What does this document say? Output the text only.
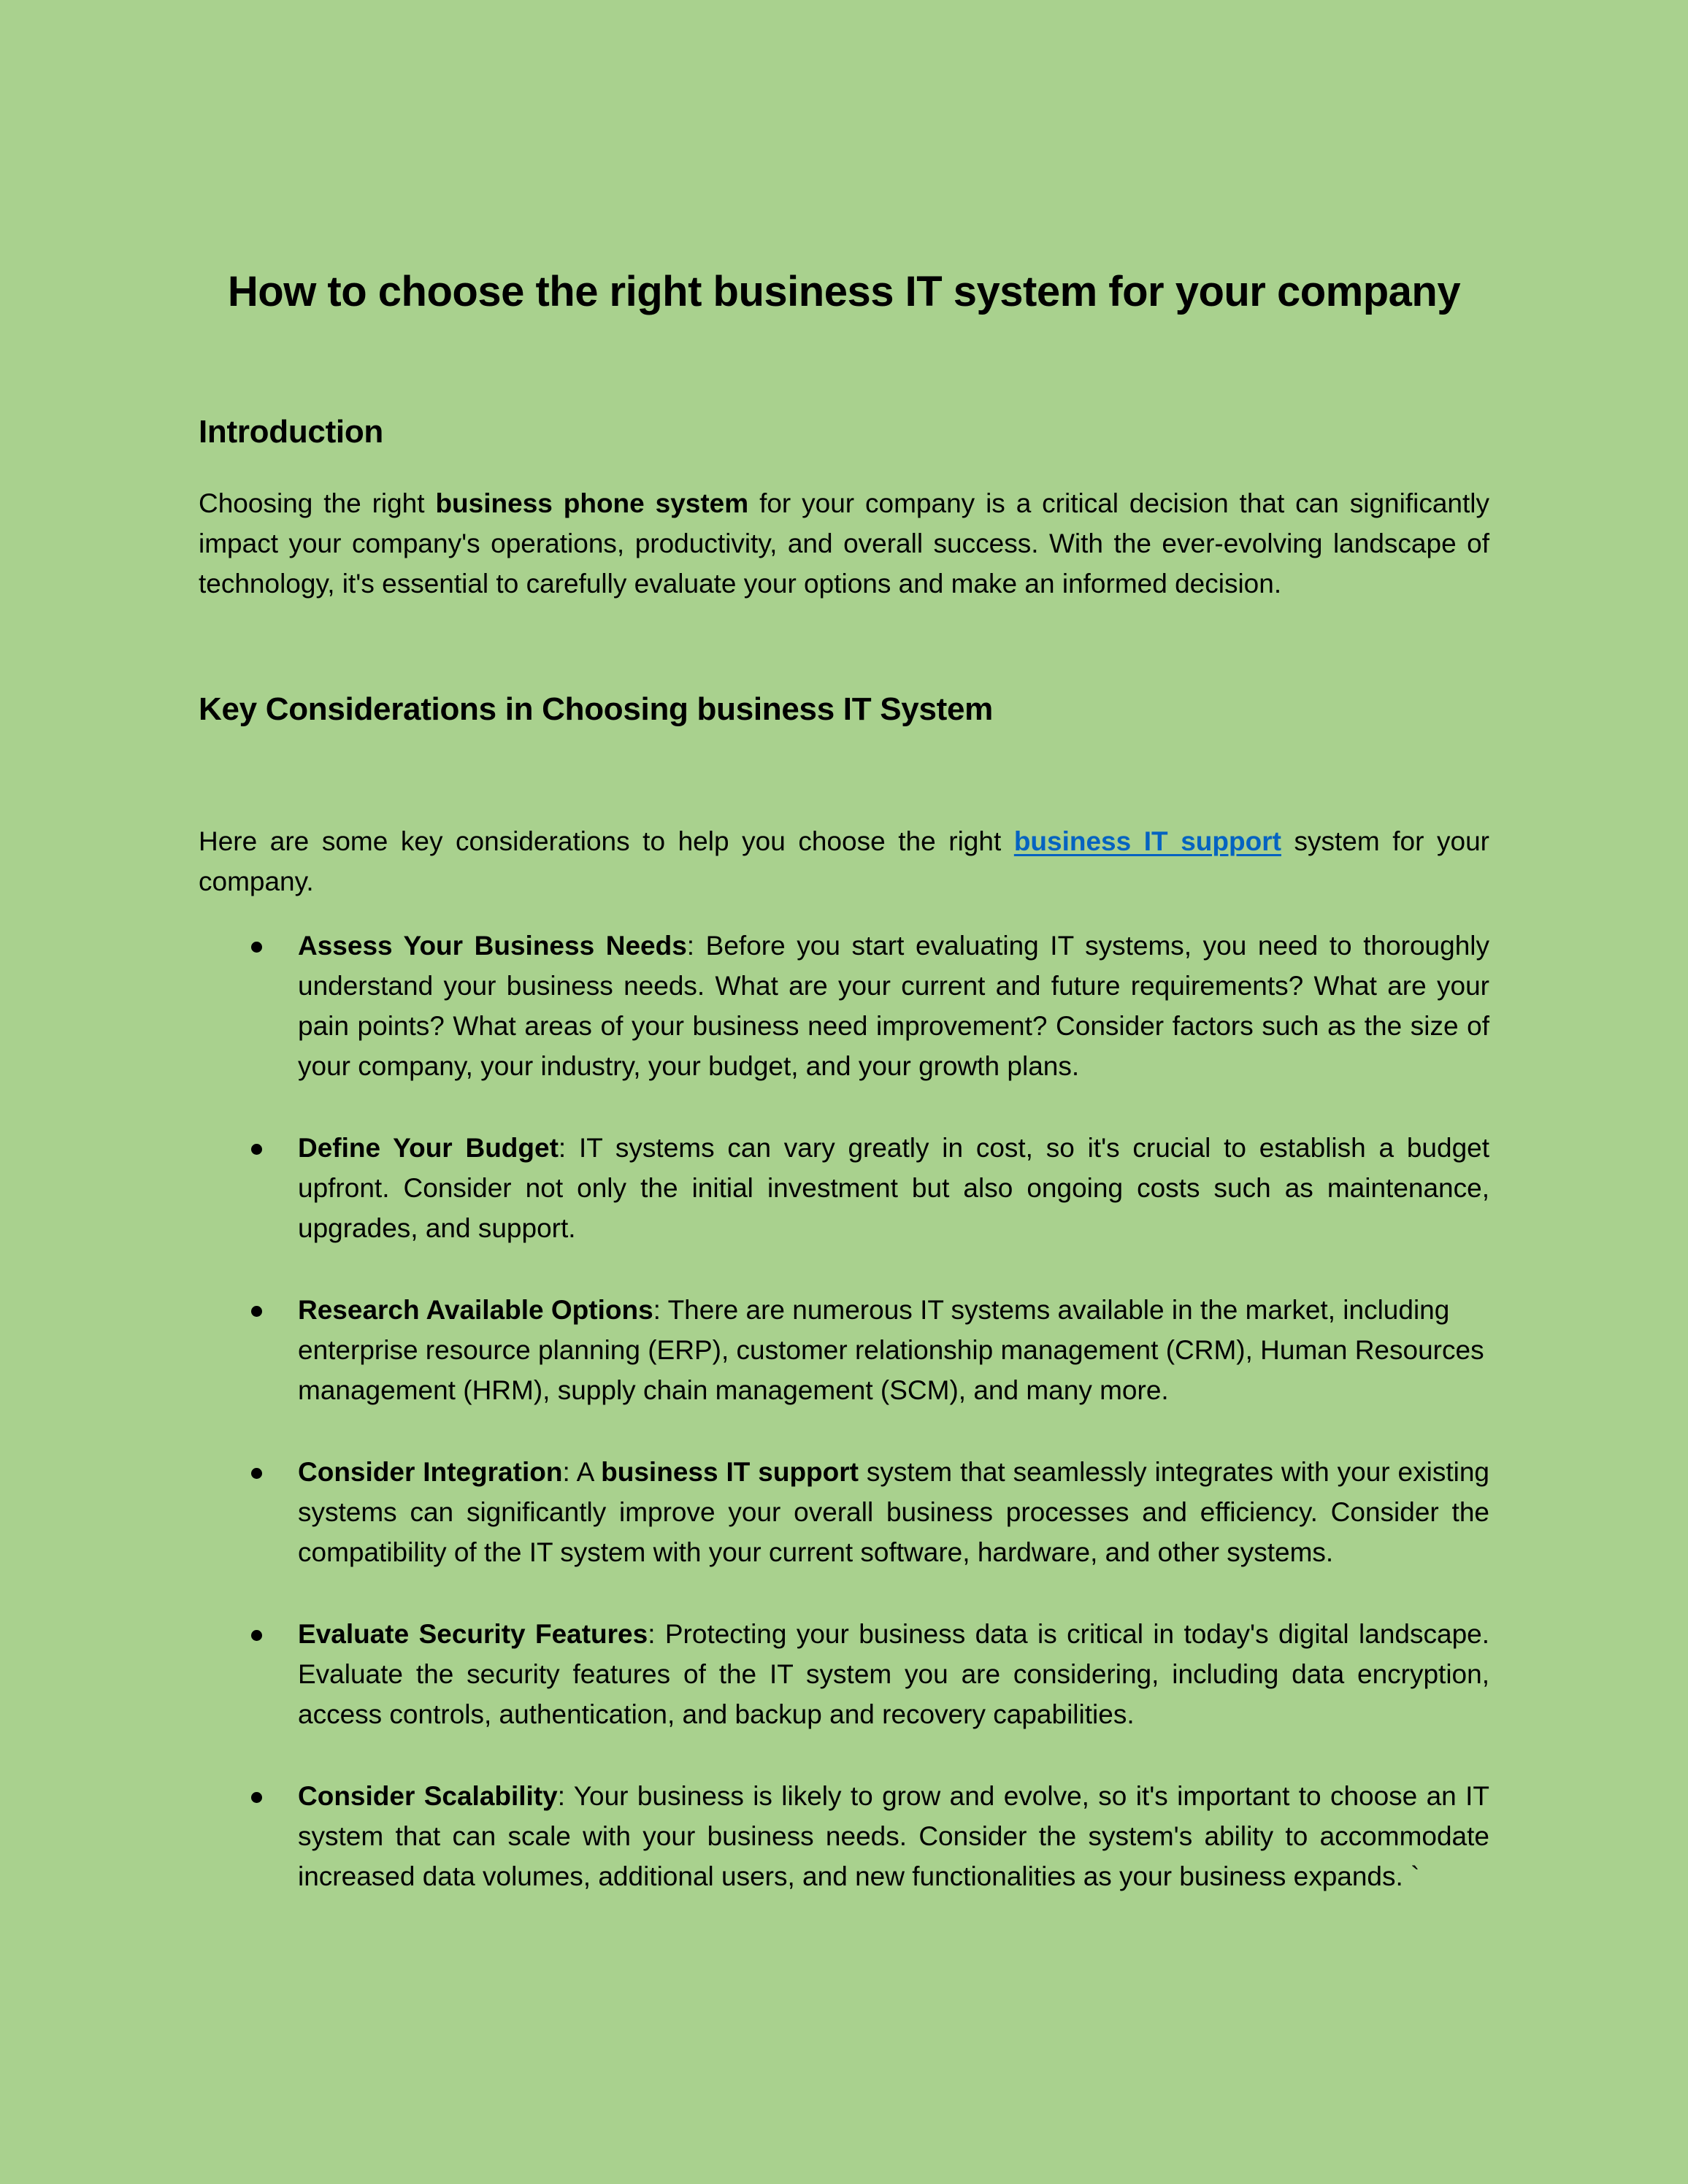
How to choose the right business IT system for your company
Introduction

Choosing the right business phone system for your company is a critical decision that can significantly impact your company's operations, productivity, and overall success. With the ever-evolving landscape of technology, it's essential to carefully evaluate your options and make an informed decision.

Key Considerations in Choosing business IT System

Here are some key considerations to help you choose the right business IT support system for your company.

Assess Your Business Needs: Before you start evaluating IT systems, you need to thoroughly understand your business needs. What are your current and future requirements? What are your pain points? What areas of your business need improvement? Consider factors such as the size of your company, your industry, your budget, and your growth plans.
Define Your Budget: IT systems can vary greatly in cost, so it's crucial to establish a budget upfront. Consider not only the initial investment but also ongoing costs such as maintenance, upgrades, and support.
Research Available Options: There are numerous IT systems available in the market, including enterprise resource planning (ERP), customer relationship management (CRM), Human Resources management (HRM), supply chain management (SCM), and many more.
Consider Integration: A business IT support system that seamlessly integrates with your existing systems can significantly improve your overall business processes and efficiency. Consider the compatibility of the IT system with your current software, hardware, and other systems.
Evaluate Security Features: Protecting your business data is critical in today's digital landscape. Evaluate the security features of the IT system you are considering, including data encryption, access controls, authentication, and backup and recovery capabilities.
Consider Scalability: Your business is likely to grow and evolve, so it's important to choose an IT system that can scale with your business needs. Consider the system's ability to accommodate increased data volumes, additional users, and new functionalities as your business expands. `
